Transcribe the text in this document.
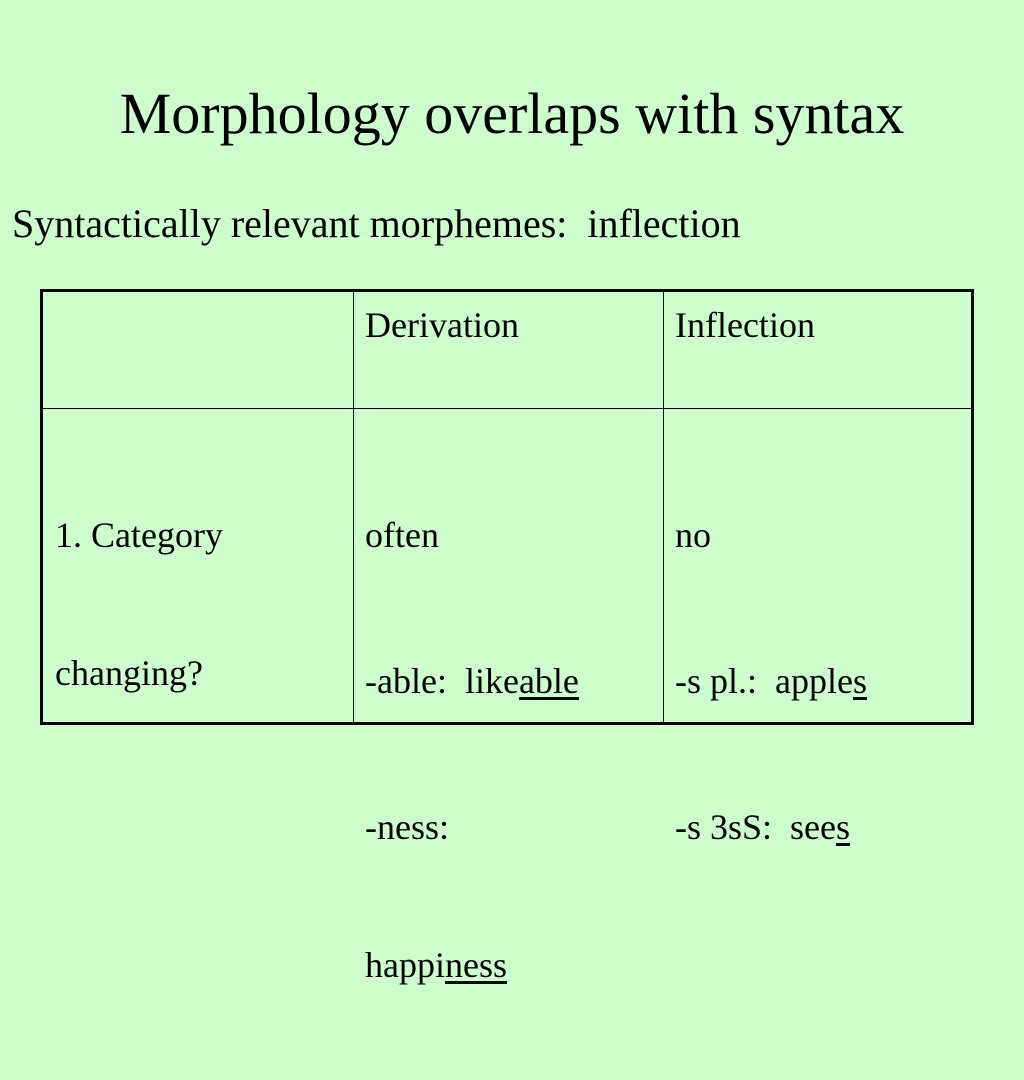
Morphology overlaps with syntax

Syntactically relevant morphemes:  inflection

Derivation	Inflection

1. Category

changing?

often

-able:  likeable

-ness:

happiness

no

-s pl.:  apples

-s 3sS:  sees
